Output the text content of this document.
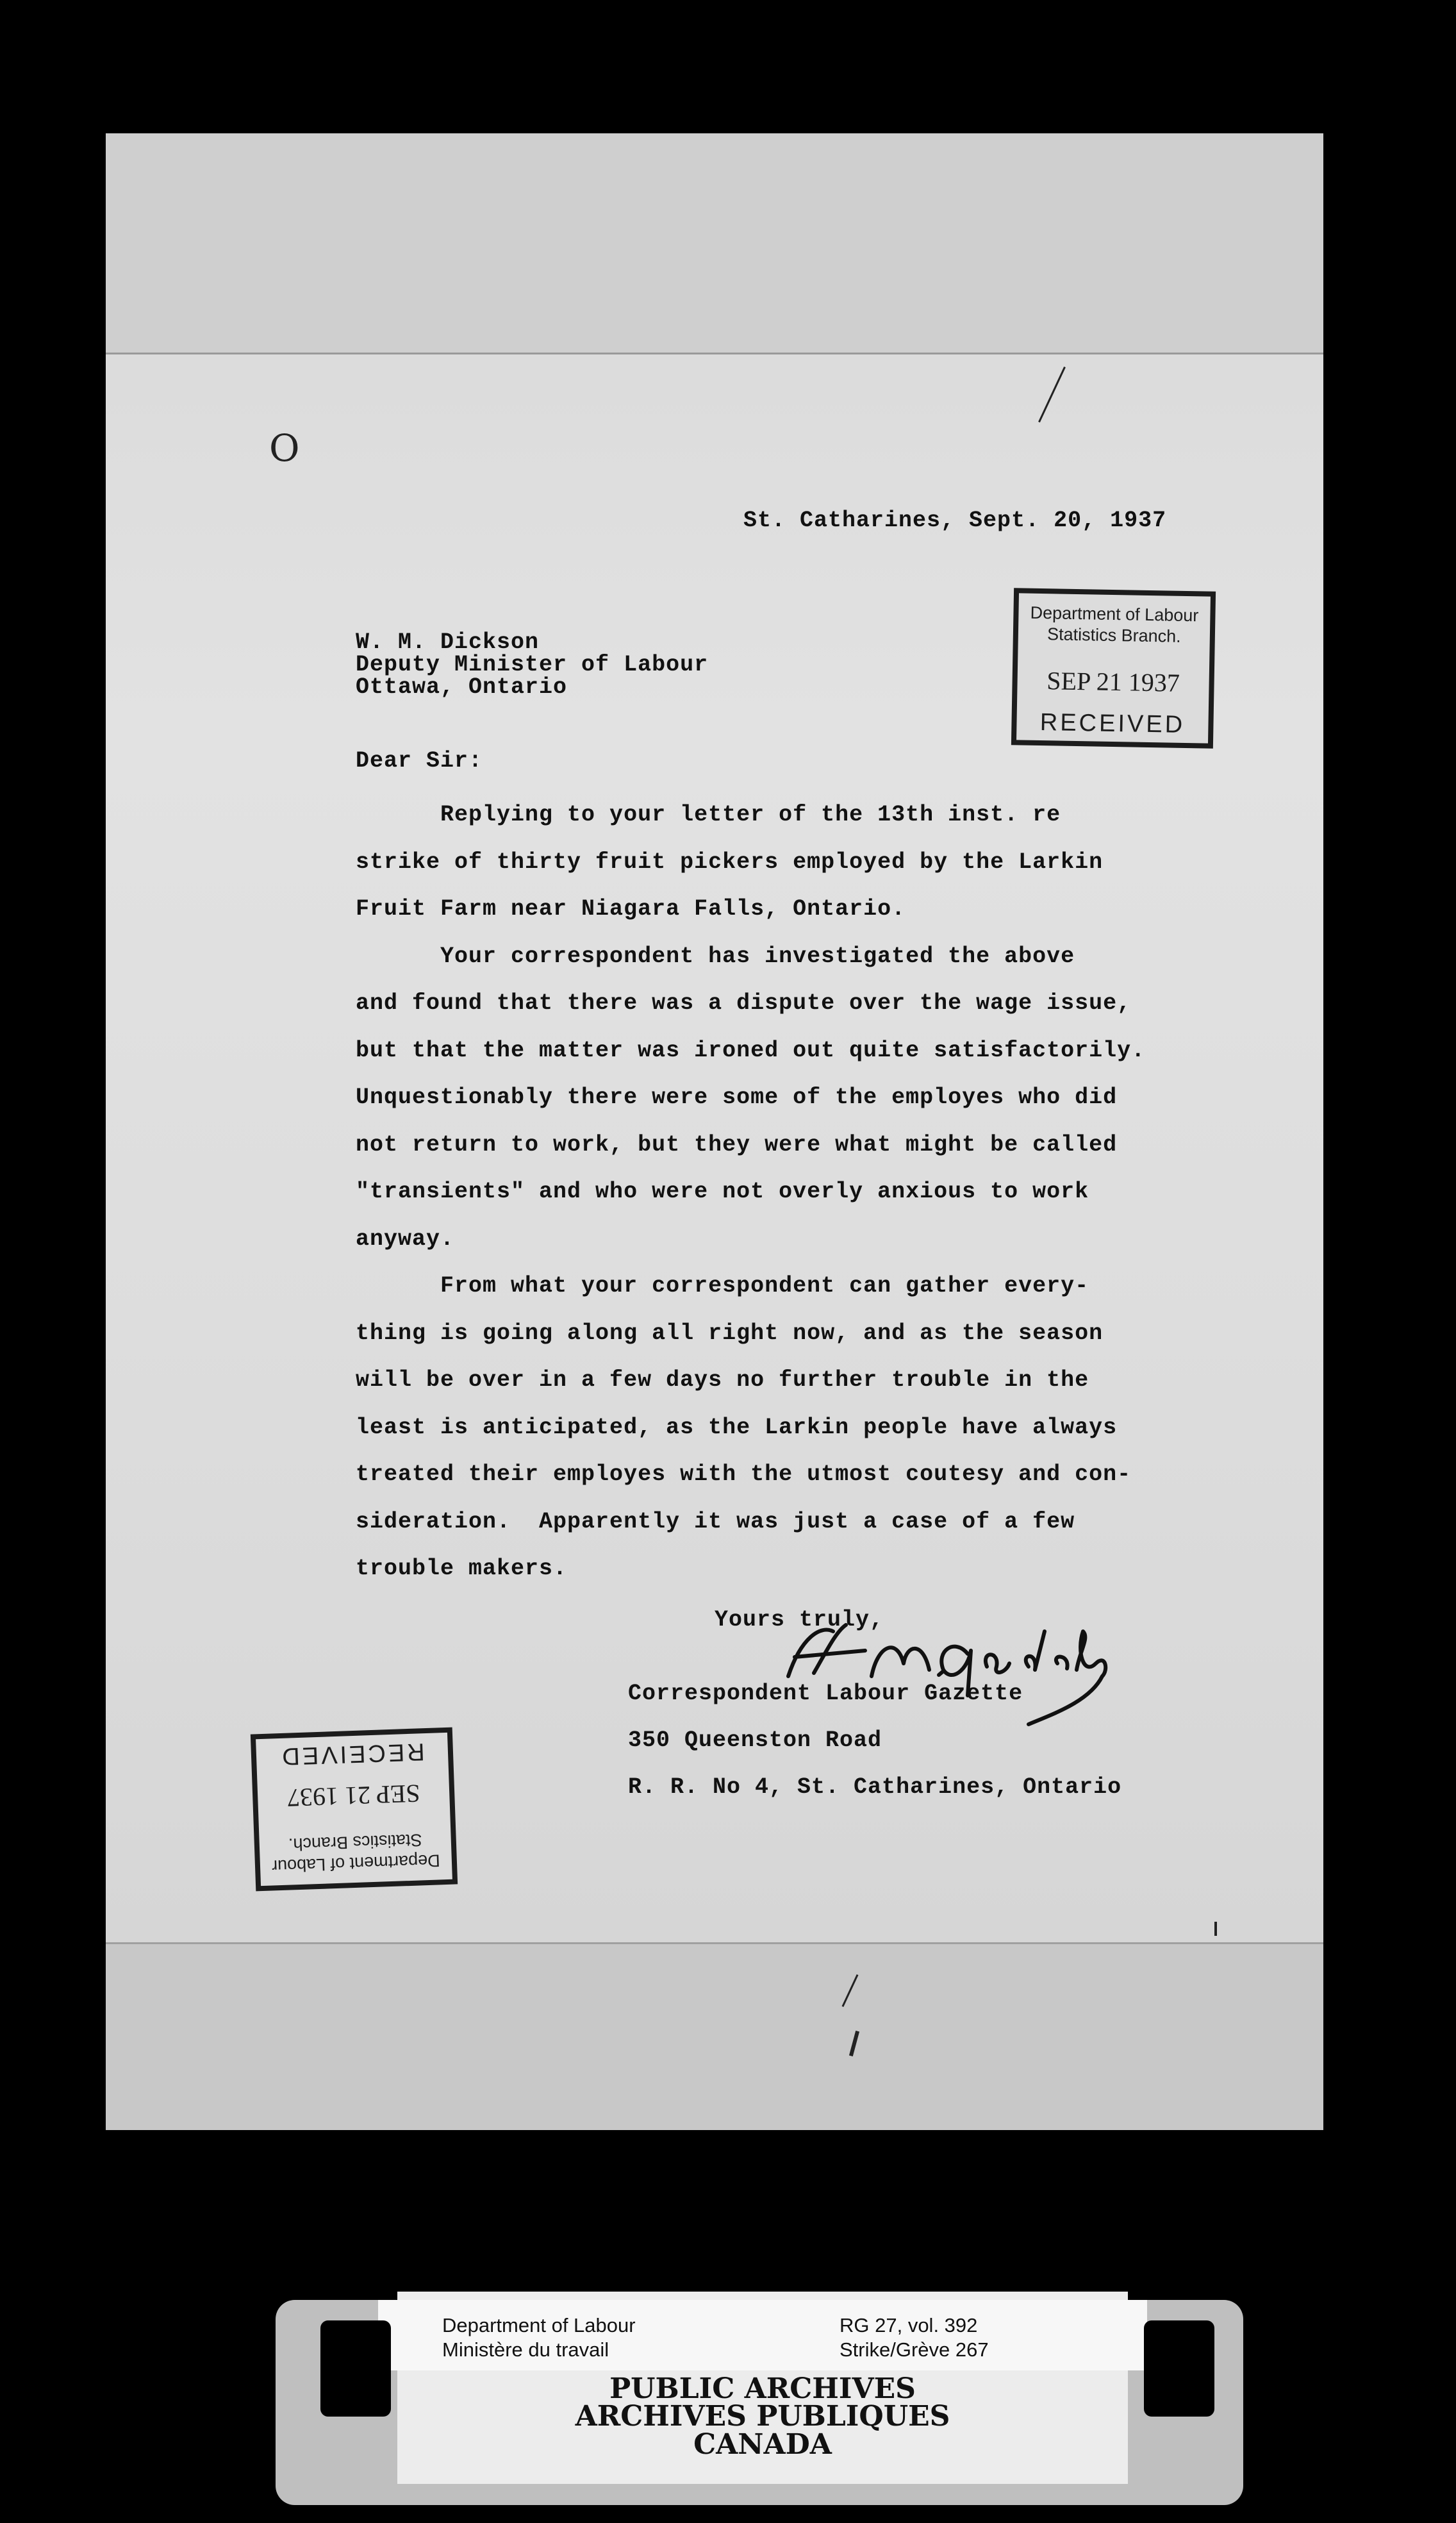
O
St. Catharines, Sept. 20, 1937
W. M. Dickson
Deputy Minister of Labour
Ottawa, Ontario
Dear Sir:
Replying to your letter of the 13th inst. re
strike of thirty fruit pickers employed by the Larkin
Fruit Farm near Niagara Falls, Ontario.
Your correspondent has investigated the above
and found that there was a dispute over the wage issue,
but that the matter was ironed out quite satisfactorily.
Unquestionably there were some of the employes who did
not return to work, but they were what might be called
"transients" and who were not overly anxious to work
anyway.
From what your correspondent can gather every-
thing is going along all right now, and as the season
will be over in a few days no further trouble in the
least is anticipated, as the Larkin people have always
treated their employes with the utmost coutesy and con-
sideration.  Apparently it was just a case of a few
trouble makers.
Yours truly,
Correspondent Labour Gazette
350 Queenston Road
R. R. No 4, St. Catharines, Ontario
Department of Labour
Statistics Branch.
SEP 21 1937
RECEIVED
Department of Labour
Statistics Branch.
SEP 21 1937
RECEIVED
Department of Labour
Ministère du travail
RG 27, vol. 392
Strike/Grève 267
PUBLIC ARCHIVES
ARCHIVES PUBLIQUES
CANADA
